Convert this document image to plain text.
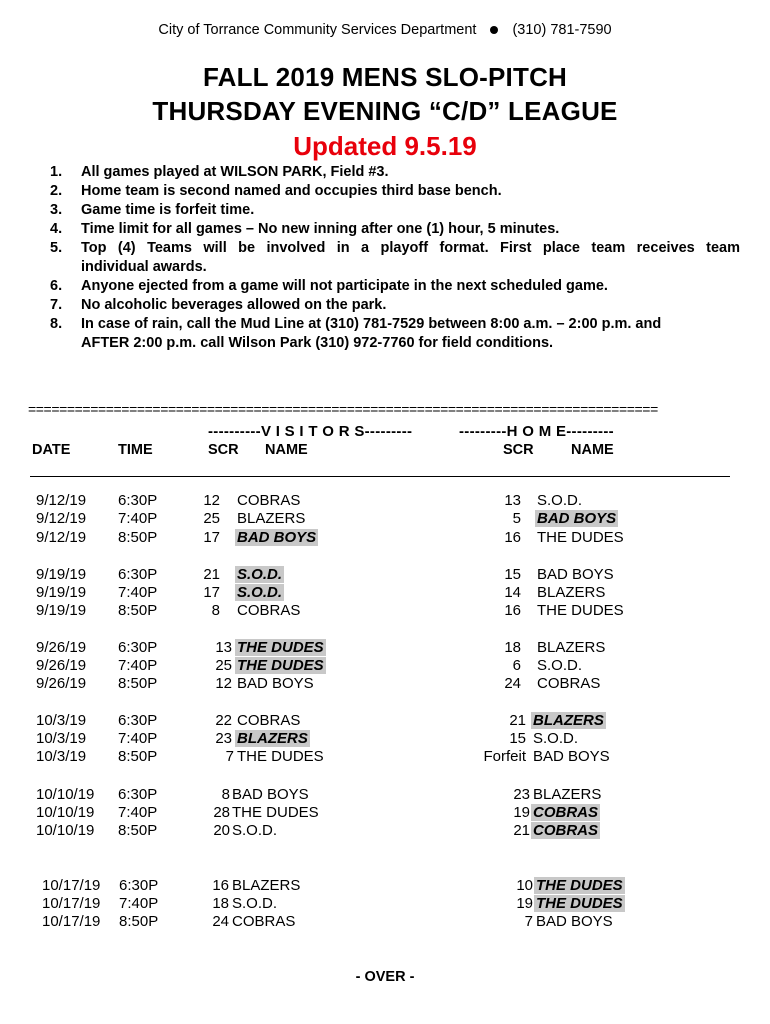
City of Torrance Community Services Department (310) 781-7590
FALL 2019 MENS SLO-PITCH
THURSDAY EVENING “C/D” LEAGUE
Updated 9.5.19
1.	All games played at WILSON PARK, Field #3.
2.	Home team is second named and occupies third base bench.
3.	Game time is forfeit time.
4.	Time limit for all games – No new inning after one (1) hour, 5 minutes.
5.	Top (4) Teams will be involved in a playoff format. First place team receives team
individual awards.
6.	Anyone ejected from a game will not participate in the next scheduled game.
7.	No alcoholic beverages allowed on the park.
8.	In case of rain, call the Mud Line at (310) 781-7529 between 8:00 a.m. – 2:00 p.m. and
AFTER 2:00 p.m. call Wilson Park (310) 972-7760 for field conditions.
=================================================================================
----------V I S I T O R S---------	---------H O M E---------
DATE	TIME	SCR NAME	SCR	NAME
9/12/19 6:30P	12 COBRAS	13 S.O.D.
9/12/19 7:40P	25 BLAZERS	5 BAD BOYS
9/12/19 8:50P	17 BAD BOYS	16 THE DUDES
9/19/19 6:30P	21 S.O.D.	15 BAD BOYS
9/19/19 7:40P	17 S.O.D.	14 BLAZERS
9/19/19 8:50P	8 COBRAS	16 THE DUDES
9/26/19 6:30P	13 THE DUDES	18 BLAZERS
9/26/19 7:40P	25 THE DUDES	6 S.O.D.
9/26/19 8:50P	12 BAD BOYS	24 COBRAS
10/3/19 6:30P	22 COBRAS	21 BLAZERS
10/3/19 7:40P	23 BLAZERS	15 S.O.D.
10/3/19 8:50P	7 THE DUDES	Forfeit BAD BOYS
10/10/19 6:30P	8 BAD BOYS	23 BLAZERS
10/10/19 7:40P	28 THE DUDES	19 COBRAS
10/10/19 8:50P	20 S.O.D.	21 COBRAS
10/17/19 6:30P	16 BLAZERS	10 THE DUDES
10/17/19 7:40P	18 S.O.D.	19 THE DUDES
10/17/19 8:50P	24 COBRAS	7 BAD BOYS
- OVER -
